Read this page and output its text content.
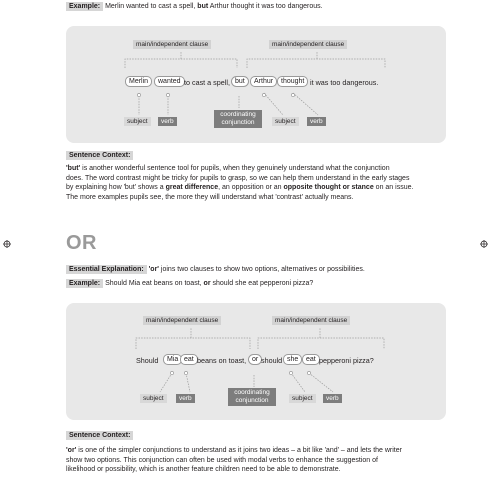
Example: Merlin wanted to cast a spell, but Arthur thought it was too dangerous.
main/independent clause	main/independent clause
Merlin	wanted to cast a spell, but	Arthur	thought it was too dangerous.
subject	verb
coordinating conjunction	subject	verb
Sentence Context:
'but' is another wonderful sentence tool for pupils, when they genuinely understand what the conjunction
does. The word contrast might be tricky for pupils to grasp, so we can help them understand in the early stages
by explaining how 'but' shows a great difference, an opposition or an opposite thought or stance on an issue.
The more examples pupils see, the more they will understand what 'contrast' actually means.
OR
Essential Explanation: 'or' joins two clauses to show two options, alternatives or possibilities.
Example: Should Mia eat beans on toast, or should she eat pepperoni pizza?
main/independent clause	main/independent clause
Should	Mia eat beans on toast, or should she	eat pepperoni pizza?
subject	verb
coordinating conjunction	subject	verb
Sentence Context:
'or' is one of the simpler conjunctions to understand as it joins two ideas – a bit like 'and' – and lets the writer
show two options. This conjunction can often be used with modal verbs to enhance the suggestion of
likelihood or possibility, which is another feature children need to be able to demonstrate.
